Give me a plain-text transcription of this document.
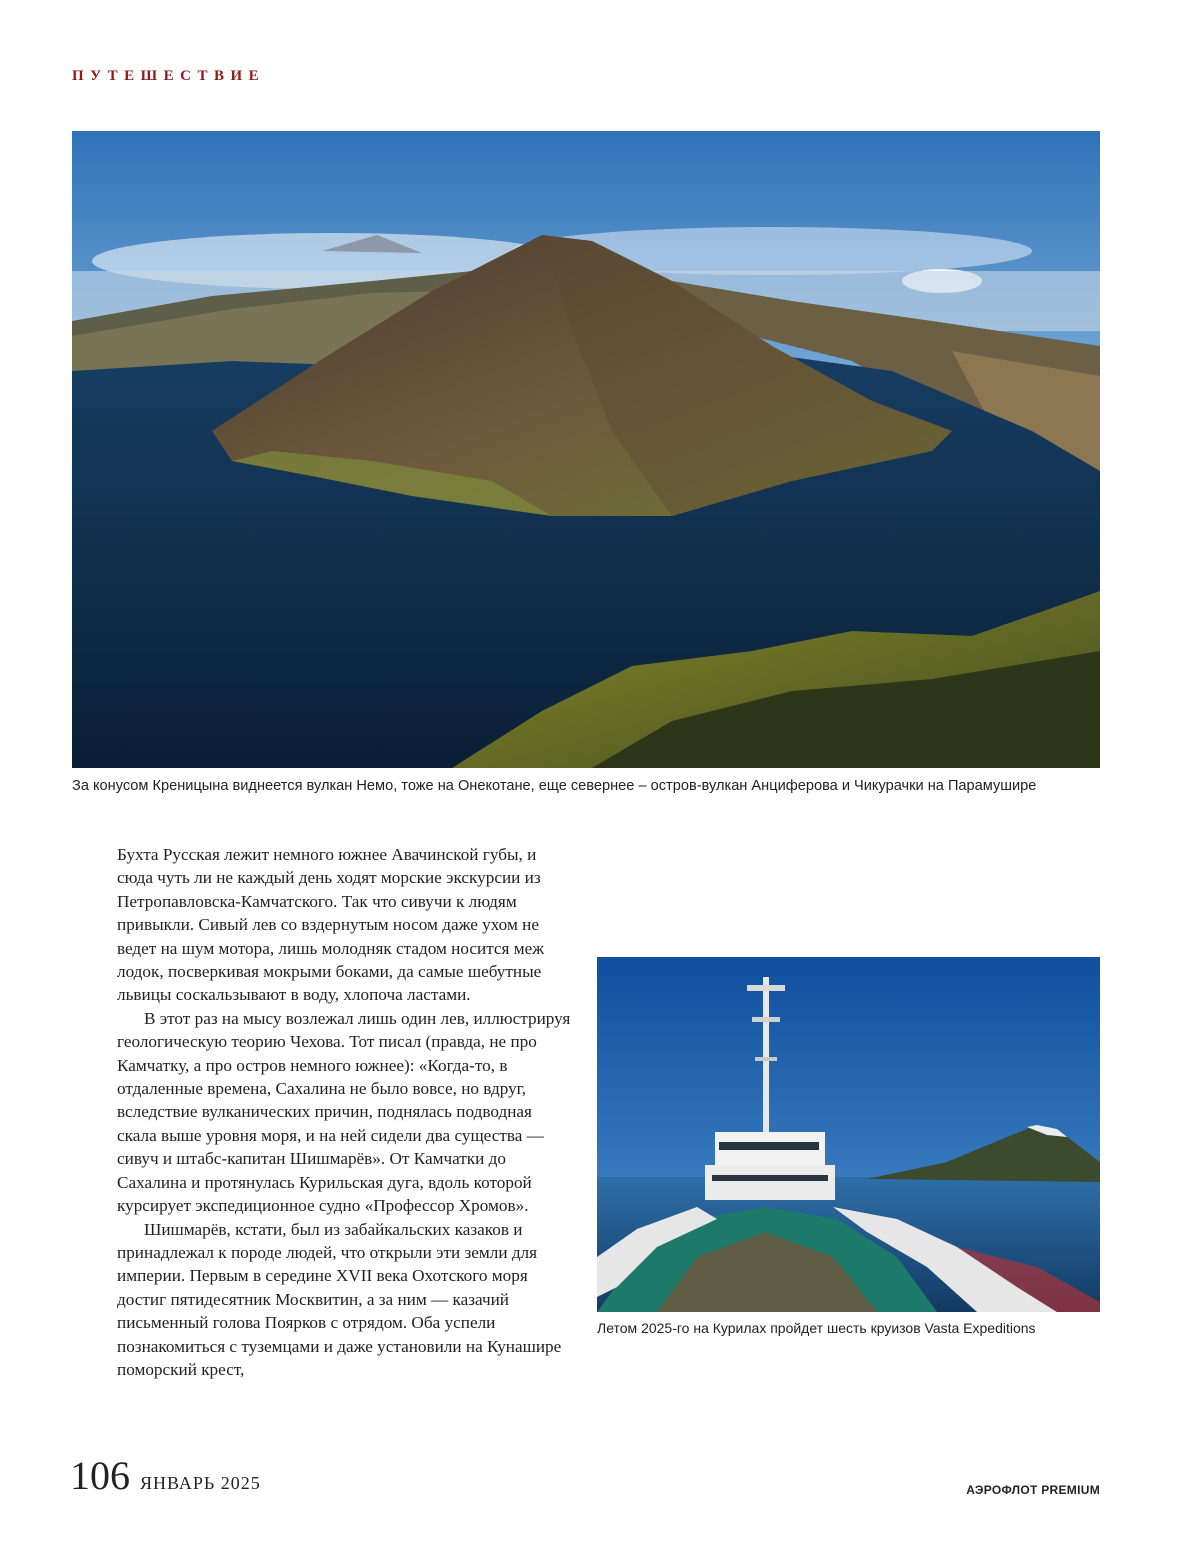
ПУТЕШЕСТВИЕ
За конусом Креницына виднеется вулкан Немо, тоже на Онекотане, еще севернее – остров-вулкан Анциферова и Чикурачки на Парамушире

Бухта Русская лежит немного южнее Авачинской губы, и сюда чуть ли не каждый день ходят морские экскурсии из Петропавловска-Камчатского. Так что сивучи к людям привыкли. Сивый лев со вздернутым носом даже ухом не ведет на шум мотора, лишь молодняк стадом носится меж лодок, посверкивая мокрыми боками, да самые шебутные львицы соскальзывают в воду, хлопоча ластами.

В этот раз на мысу возлежал лишь один лев, иллюстрируя геологическую теорию Чехова. Тот писал (правда, не про Камчатку, а про остров немного южнее): «Когда-то, в отдаленные времена, Сахалина не было вовсе, но вдруг, вследствие вулканических причин, поднялась подводная скала выше уровня моря, и на ней сидели два существа — сивуч и штабс-капитан Шишмарёв». От Камчатки до Сахалина и протянулась Курильская дуга, вдоль которой курсирует экспедиционное судно «Профессор Хромов».

Шишмарёв, кстати, был из забайкальских казаков и принадлежал к породе людей, что открыли эти земли для империи. Первым в середине XVII века Охотского моря достиг пятидесятник Москвитин, а за ним — казачий письменный голова Поярков с отрядом. Оба успели познакомиться с туземцами и даже установили на Кунашире поморский крест,

Летом 2025-го на Курилах пройдет шесть круизов Vasta Expeditions
106 ЯНВАРЬ 2025	АЭРОФЛОТ PREMIUM
